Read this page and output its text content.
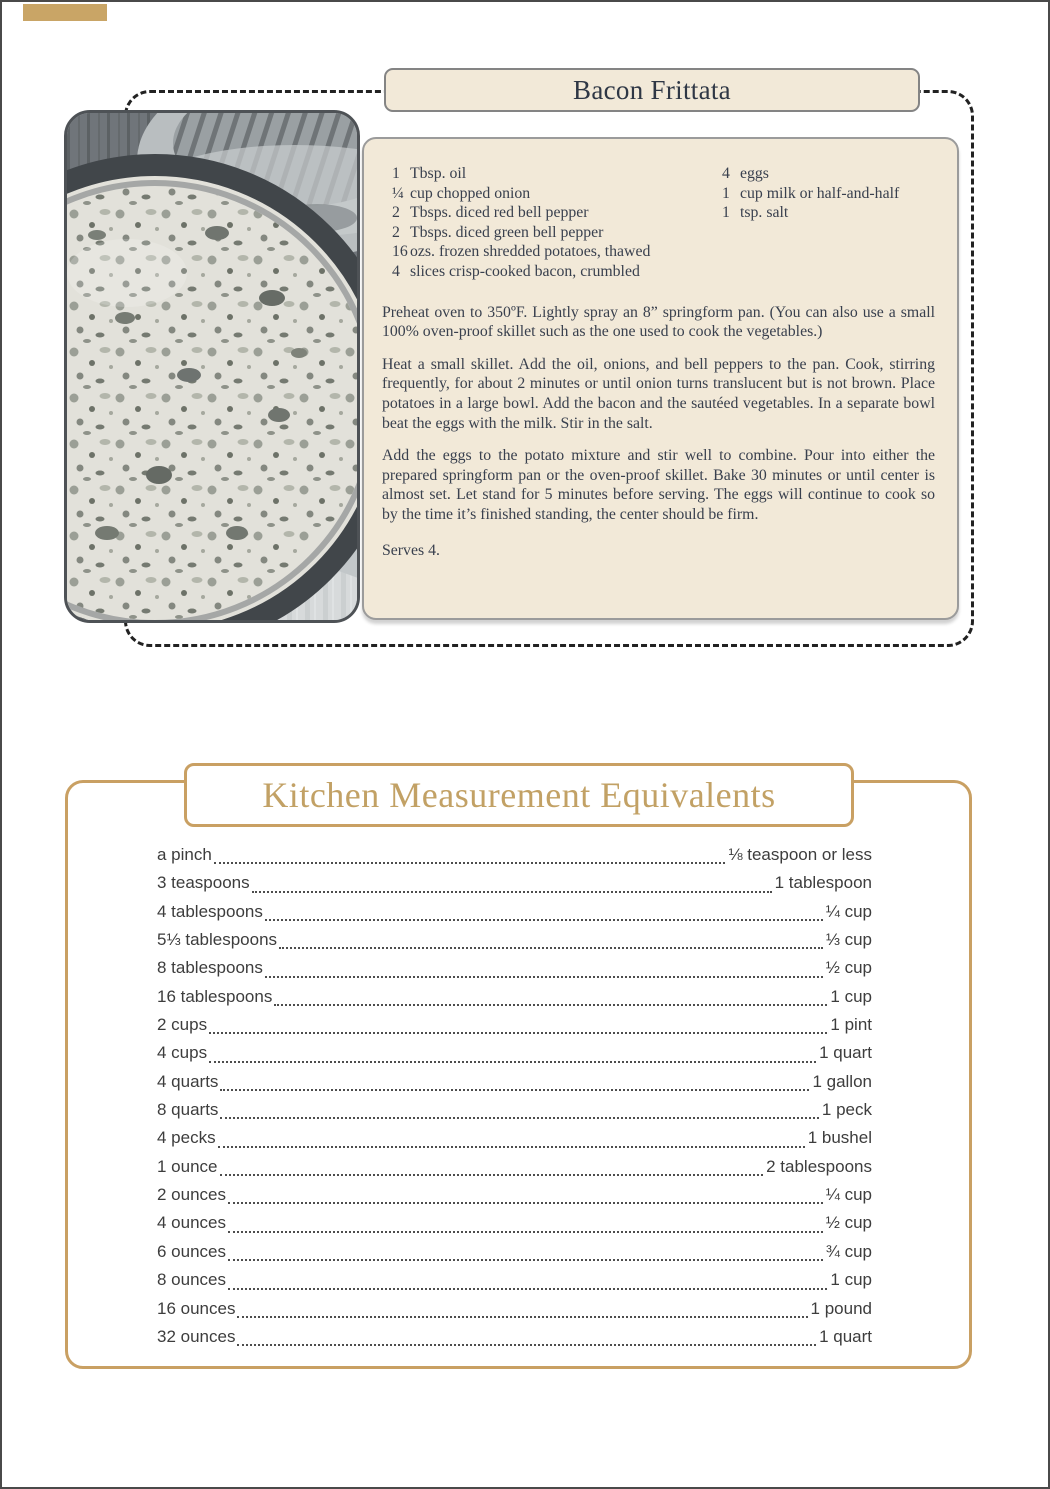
1 Tbsp. oil
¼ cup chopped onion
2 Tbsps. diced red bell pepper
2 Tbsps. diced green bell pepper
16 ozs. frozen shredded potatoes, thawed
4 slices crisp-cooked bacon, crumbled
4 eggs
1 cup milk or half-and-half
1 tsp. salt

Preheat oven to 350ºF. Lightly spray an 8” springform pan. (You can also use a small 100% oven-proof skillet such as the one used to cook the vegetables.)

Heat a small skillet. Add the oil, onions, and bell peppers to the pan. Cook, stirring frequently, for about 2 minutes or until onion turns translucent but is not brown. Place potatoes in a large bowl. Add the bacon and the sautéed vegetables. In a separate bowl beat the eggs with the milk. Stir in the salt.

Add the eggs to the potato mixture and stir well to combine. Pour into either the prepared springform pan or the oven-proof skillet. Bake 30 minutes or until center is almost set. Let stand for 5 minutes before serving. The eggs will continue to cook so by the time it’s finished standing, the center should be firm.

Serves 4.

Bacon Frittata
a pinch	⅛ teaspoon or less
3 teaspoons	1 tablespoon
4 tablespoons	¼ cup
5⅓ tablespoons	⅓ cup
8 tablespoons	½ cup
16 tablespoons	1 cup
2 cups	1 pint
4 cups	1 quart
4 quarts	1 gallon
8 quarts	1 peck
4 pecks	1 bushel
1 ounce	2 tablespoons
2 ounces	¼ cup
4 ounces	½ cup
6 ounces	¾ cup
8 ounces	1 cup
16 ounces	1 pound
32 ounces	1 quart
Kitchen Measurement Equivalents
